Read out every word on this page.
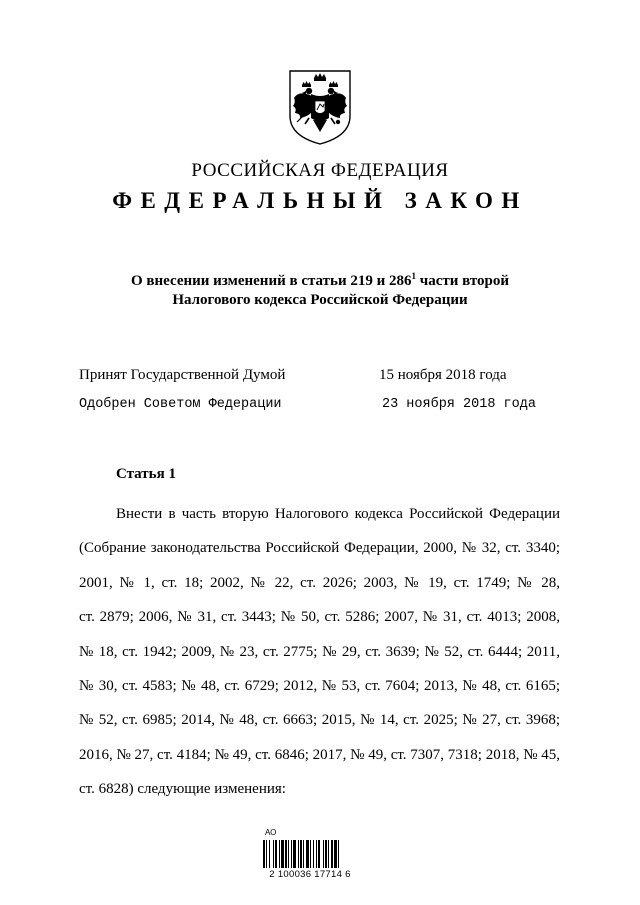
РОССИЙСКАЯ ФЕДЕРАЦИЯ
ФЕДЕРАЛЬНЫЙ ЗАКОН
О внесении изменений в статьи 219 и $286^1$ части второй
Налогового кодекса Российской Федерации
Принят Государственной Думой	15 ноября 2018 года
Одобрен Советом Федерации	23 ноября 2018 года
Статья 1
Внести в часть вторую Налогового кодекса Российской Федерации
(Собрание законодательства Российской Федерации, 2000, № 32, ст. 3340;
2001, № 1, ст. 18; 2002, № 22, ст. 2026; 2003, № 19, ст. 1749; № 28,
ст. 2879; 2006, № 31, ст. 3443; № 50, ст. 5286; 2007, № 31, ст. 4013; 2008,
№ 18, ст. 1942; 2009, № 23, ст. 2775; № 29, ст. 3639; № 52, ст. 6444; 2011,
№ 30, ст. 4583; № 48, ст. 6729; 2012, № 53, ст. 7604; 2013, № 48, ст. 6165;
№ 52, ст. 6985; 2014, № 48, ст. 6663; 2015, № 14, ст. 2025; № 27, ст. 3968;
2016, № 27, ст. 4184; № 49, ст. 6846; 2017, № 49, ст. 7307, 7318; 2018, № 45,
ст. 6828) следующие изменения:
АО
2 100036 17714 6
